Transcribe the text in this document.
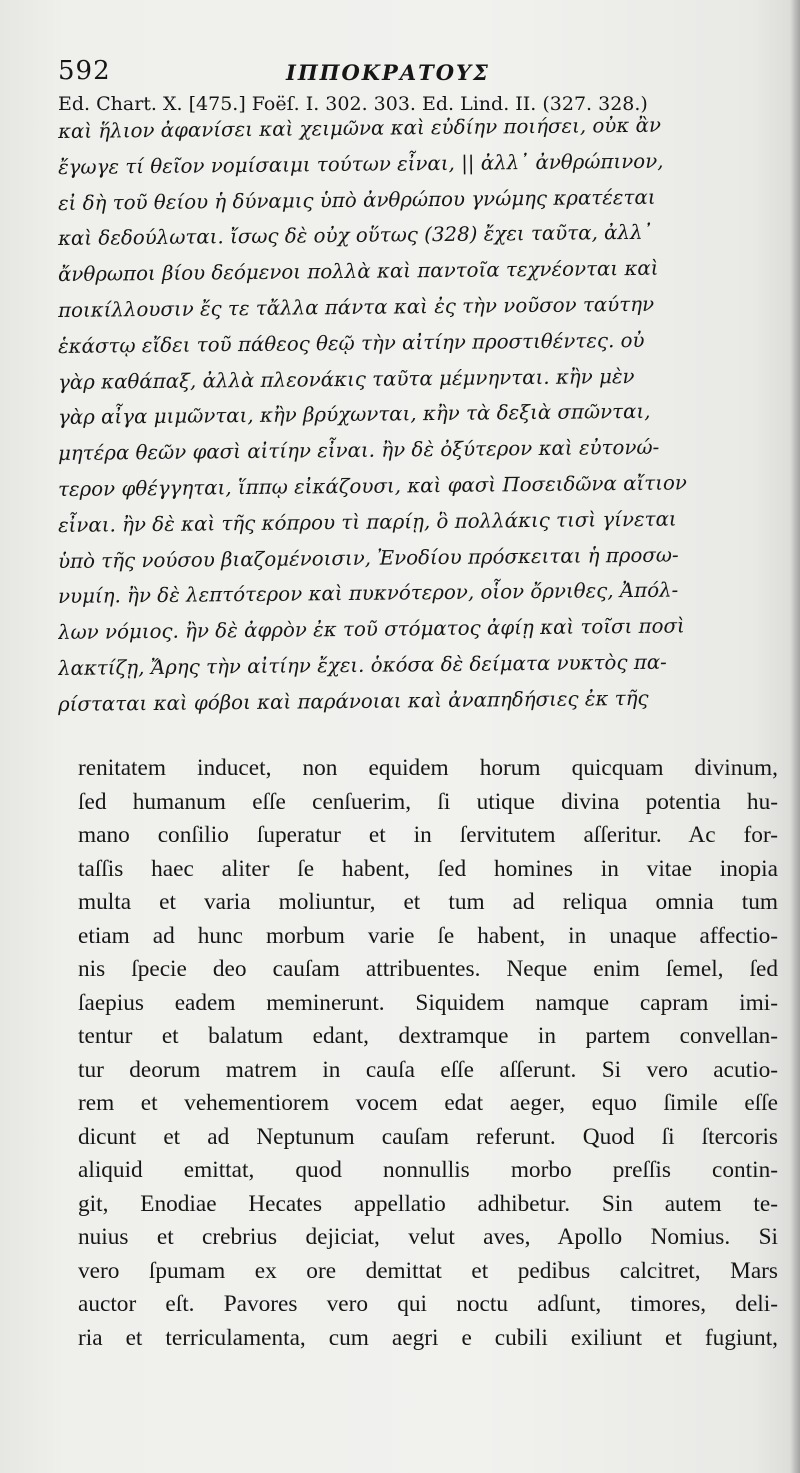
592	ΙΠΠΟΚΡΑΤΟΥΣ
Ed. Chart. X. [475.] Foëſ. I. 302. 303. Ed. Lind. II. (327. 328.)
καὶ ἥλιον ἀφανίσει καὶ χειμῶνα καὶ εὐδίην ποιήσει, οὐκ ἂν
ἔγωγε τί θεῖον νομίσαιμι τούτων εἶναι, || ἀλλ᾽ ἀνθρώπινον,
εἰ δὴ τοῦ θείου ἡ δύναμις ὑπὸ ἀνθρώπου γνώμης κρατέεται
καὶ δεδούλωται. ἴσως δὲ οὐχ οὕτως (328) ἔχει ταῦτα, ἀλλ᾽
ἄνθρωποι βίου δεόμενοι πολλὰ καὶ παντοῖα τεχνέονται καὶ
ποικίλλουσιν ἔς τε τἄλλα πάντα καὶ ἐς τὴν νοῦσον ταύτην
ἑκάστῳ εἴδει τοῦ πάθεος θεῷ τὴν αἰτίην προστιθέντες. οὐ
γὰρ καθάπαξ, ἀλλὰ πλεονάκις ταῦτα μέμνηνται. κἢν μὲν
γὰρ αἶγα μιμῶνται, κἢν βρύχωνται, κἢν τὰ δεξιὰ σπῶνται,
μητέρα θεῶν φασὶ αἰτίην εἶναι. ἢν δὲ ὀξύτερον καὶ εὐτονώ-
τερον φθέγγηται, ἵππῳ εἰκάζουσι, καὶ φασὶ Ποσειδῶνα αἴτιον
εἶναι. ἢν δὲ καὶ τῆς κόπρου τὶ παρίῃ, ὃ πολλάκις τισὶ γίνεται
ὑπὸ τῆς νούσου βιαζομένοισιν, Ἐνοδίου πρόσκειται ἡ προσω-
νυμίη. ἢν δὲ λεπτότερον καὶ πυκνότερον, οἷον ὄρνιθες, Ἀπόλ-
λων νόμιος. ἢν δὲ ἀφρὸν ἐκ τοῦ στόματος ἀφίῃ καὶ τοῖσι ποσὶ
λακτίζῃ, Ἄρης τὴν αἰτίην ἔχει. ὁκόσα δὲ δείματα νυκτὸς πα-
ρίσταται καὶ φόβοι καὶ παράνοιαι καὶ ἀναπηδήσιες ἐκ τῆς
renitatem inducet, non equidem horum quicquam divinum,
ſed humanum eſſe cenſuerim, ſi utique divina potentia hu-
mano conſilio ſuperatur et in ſervitutem aſſeritur. Ac for-
taſſis haec aliter ſe habent, ſed homines in vitae inopia
multa et varia moliuntur, et tum ad reliqua omnia tum
etiam ad hunc morbum varie ſe habent, in unaque affectio-
nis ſpecie deo cauſam attribuentes. Neque enim ſemel, ſed
ſaepius eadem meminerunt. Siquidem namque capram imi-
tentur et balatum edant, dextramque in partem convellan-
tur deorum matrem in cauſa eſſe aſſerunt. Si vero acutio-
rem et vehementiorem vocem edat aeger, equo ſimile eſſe
dicunt et ad Neptunum cauſam referunt. Quod ſi ſtercoris
aliquid emittat, quod nonnullis morbo preſſis contin-
git, Enodiae Hecates appellatio adhibetur. Sin autem te-
nuius et crebrius dejiciat, velut aves, Apollo Nomius. Si
vero ſpumam ex ore demittat et pedibus calcitret, Mars
auctor eſt. Pavores vero qui noctu adſunt, timores, deli-
ria et terriculamenta, cum aegri e cubili exiliunt et fugiunt,
